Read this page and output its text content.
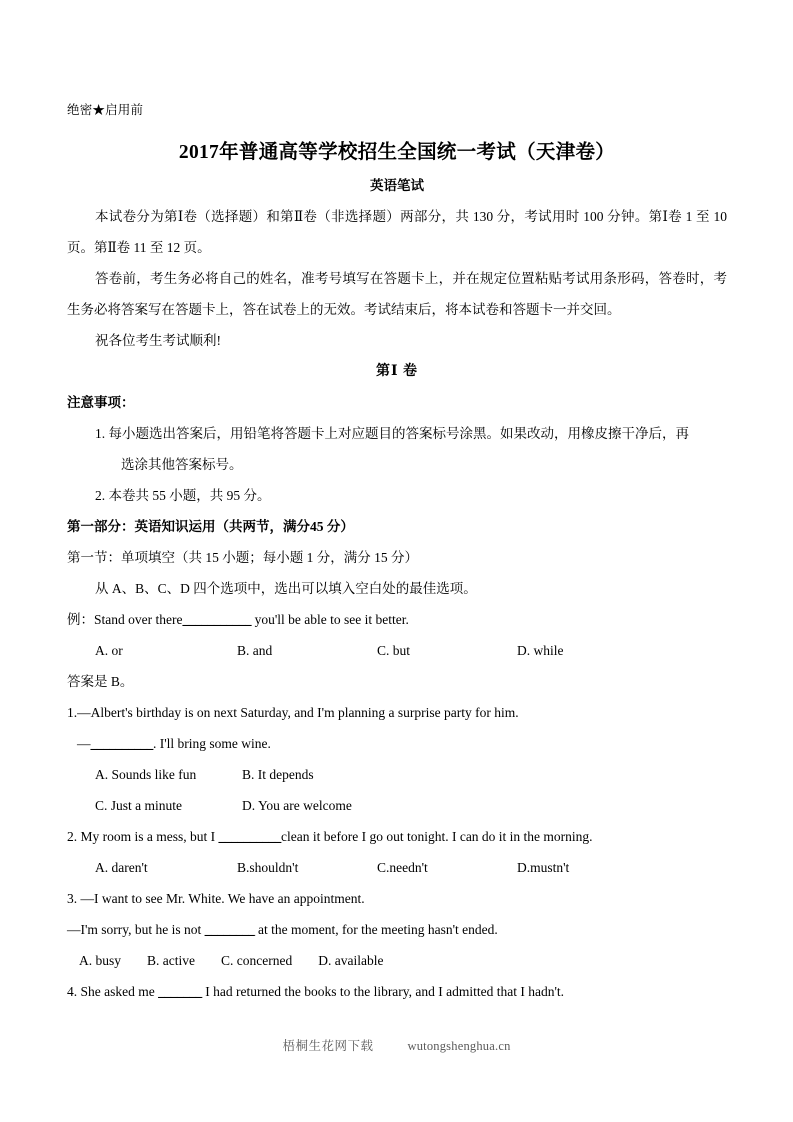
绝密★启用前
2017年普通高等学校招生全国统一考试（天津卷）
英语笔试
本试卷分为第Ⅰ卷（选择题）和第Ⅱ卷（非选择题）两部分，共 130 分，考试用时 100 分钟。第Ⅰ卷 1 至 10 页。第Ⅱ卷 11 至 12 页。
答卷前，考生务必将自己的姓名，准考号填写在答题卡上，并在规定位置粘贴考试用条形码，答卷时，考生务必将答案写在答题卡上，答在试卷上的无效。考试结束后，将本试卷和答题卡一并交回。
祝各位考生考试顺利!
第Ⅰ 卷
注意事项：
1. 每小题选出答案后，用铅笔将答题卡上对应题目的答案标号涂黑。如果改动，用橡皮擦干净后，再
选涂其他答案标号。
2. 本卷共 55 小题，共 95 分。
第一部分：英语知识运用（共两节，满分45 分）
第一节：单项填空（共 15 小题；每小题 1 分，满分 15 分）
从 A、B、C、D 四个选项中，选出可以填入空白处的最佳选项。
例：Stand over there___________ you'll be able to see it better.
A. or	B. and	C. but	D. while
答案是 B。
1.—Albert's birthday is on next Saturday, and I'm planning a surprise party for him.
—__________. I'll bring some wine.
A. Sounds like fun	B. It depends
C. Just a minute	D. You are welcome
2. My room is a mess, but I __________clean it before I go out tonight. I can do it in the morning.
A. daren't	B.shouldn't	C.needn't	D.mustn't
3. —I want to see Mr. White. We have an appointment.
—I'm sorry, but he is not ________ at the moment, for the meeting hasn't ended.
A. busy B. active C. concerned D. available
4. She asked me _______ I had returned the books to the library, and I admitted that I hadn't.
梧桐生花网下载	wutongshenghua.cn
